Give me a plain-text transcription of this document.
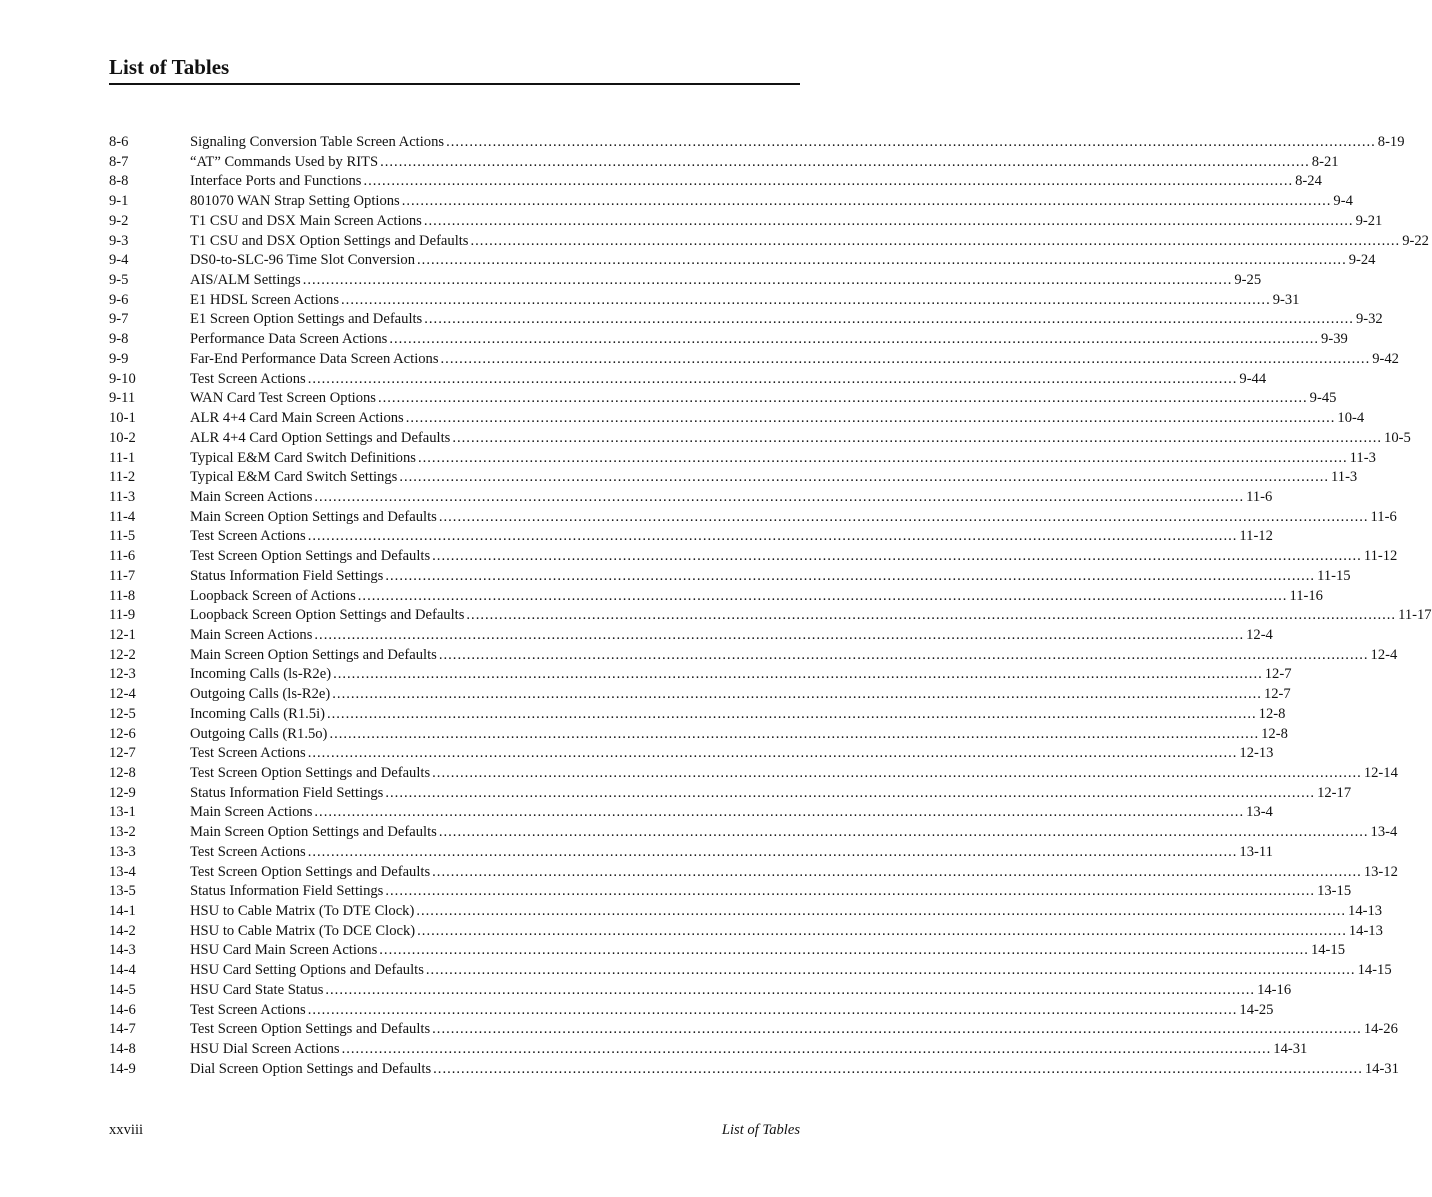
List of Tables
8-6	Signaling Conversion Table Screen Actions .....	8-19
8-7	“AT” Commands Used by RITS .....	8-21
8-8	Interface Ports and Functions .....	8-24
9-1	801070 WAN Strap Setting Options .....	9-4
9-2	T1 CSU and DSX Main Screen Actions .....	9-21
9-3	T1 CSU and DSX Option Settings and Defaults .....	9-22
9-4	DS0-to-SLC-96 Time Slot Conversion .....	9-24
9-5	AIS/ALM Settings .....	9-25
9-6	E1 HDSL Screen Actions .....	9-31
9-7	E1 Screen Option Settings and Defaults .....	9-32
9-8	Performance Data Screen Actions .....	9-39
9-9	Far-End Performance Data Screen Actions .....	9-42
9-10	Test Screen Actions .....	9-44
9-11	WAN Card Test Screen Options .....	9-45
10-1	ALR 4+4 Card Main Screen Actions .....	10-4
10-2	ALR 4+4 Card Option Settings and Defaults .....	10-5
11-1	Typical E&M Card Switch Definitions .....	11-3
11-2	Typical E&M Card Switch Settings .....	11-3
11-3	Main Screen Actions .....	11-6
11-4	Main Screen Option Settings and Defaults .....	11-6
11-5	Test Screen Actions .....	11-12
11-6	Test Screen Option Settings and Defaults .....	11-12
11-7	Status Information Field Settings .....	11-15
11-8	Loopback Screen of Actions .....	11-16
11-9	Loopback Screen Option Settings and Defaults .....	11-17
12-1	Main Screen Actions .....	12-4
12-2	Main Screen Option Settings and Defaults .....	12-4
12-3	Incoming Calls (ls-R2e) .....	12-7
12-4	Outgoing Calls (ls-R2e) .....	12-7
12-5	Incoming Calls (R1.5i) .....	12-8
12-6	Outgoing Calls (R1.5o) .....	12-8
12-7	Test Screen Actions .....	12-13
12-8	Test Screen Option Settings and Defaults .....	12-14
12-9	Status Information Field Settings .....	12-17
13-1	Main Screen Actions .....	13-4
13-2	Main Screen Option Settings and Defaults .....	13-4
13-3	Test Screen Actions .....	13-11
13-4	Test Screen Option Settings and Defaults .....	13-12
13-5	Status Information Field Settings .....	13-15
14-1	HSU to Cable Matrix (To DTE Clock) .....	14-13
14-2	HSU to Cable Matrix (To DCE Clock) .....	14-13
14-3	HSU Card Main Screen Actions .....	14-15
14-4	HSU Card Setting Options and Defaults .....	14-15
14-5	HSU Card State Status .....	14-16
14-6	Test Screen Actions .....	14-25
14-7	Test Screen Option Settings and Defaults .....	14-26
14-8	HSU Dial Screen Actions .....	14-31
14-9	Dial Screen Option Settings and Defaults .....	14-31
xxviii	List of Tables
